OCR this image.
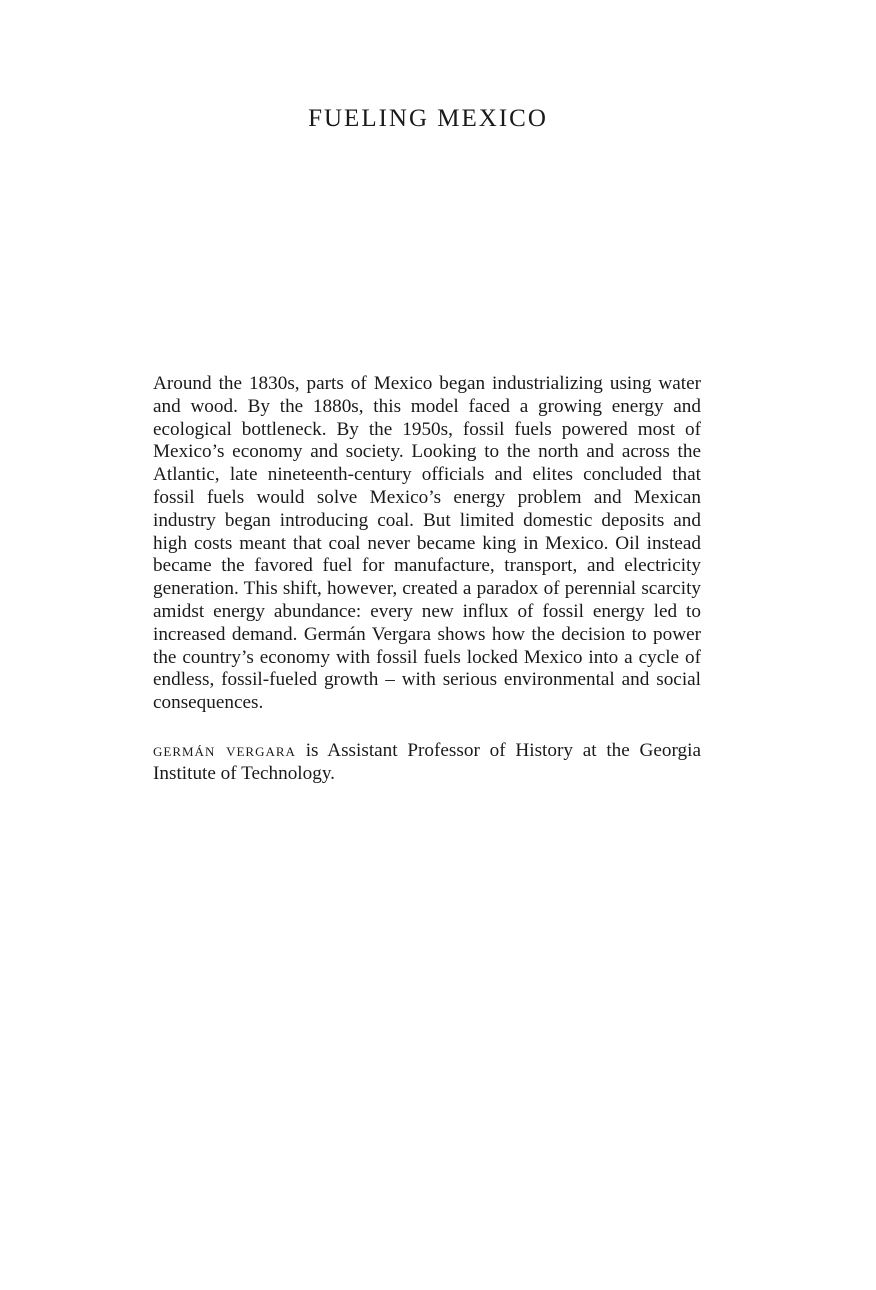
FUELING MEXICO

Around the 1830s, parts of Mexico began industrializing using water and wood. By the 1880s, this model faced a growing energy and ecological bottleneck. By the 1950s, fossil fuels powered most of Mexico’s economy and society. Looking to the north and across the Atlantic, late nineteenth-century officials and elites concluded that fossil fuels would solve Mexico’s energy problem and Mexican industry began introducing coal. But limited domestic deposits and high costs meant that coal never became king in Mexico. Oil instead became the favored fuel for manufacture, transport, and electricity generation. This shift, however, created a paradox of perennial scarcity amidst energy abundance: every new influx of fossil energy led to increased demand. Germán Vergara shows how the decision to power the country’s economy with fossil fuels locked Mexico into a cycle of endless, fossil-fueled growth – with serious environmental and social consequences.

germán vergara is Assistant Professor of History at the Georgia Institute of Technology.
